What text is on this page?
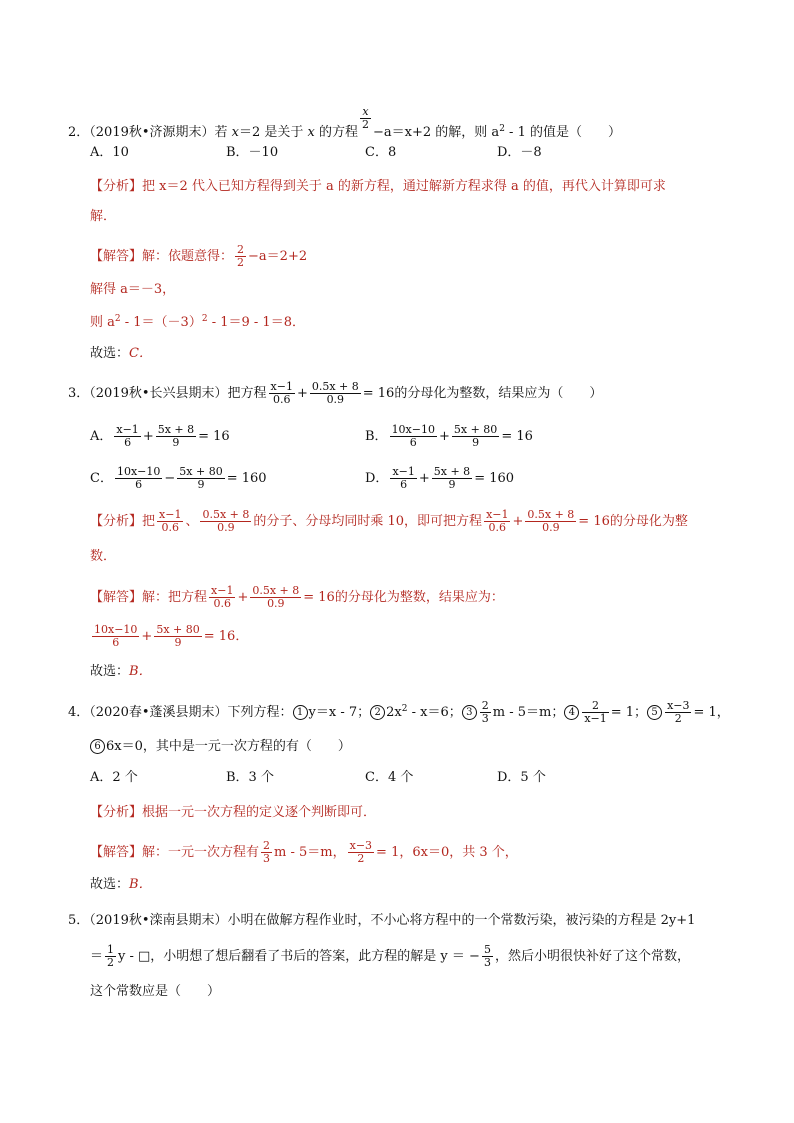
2．（2019秋•济源期末）若 x＝2 是关于 x 的方程
$\frac{x}{2}$
−a＝x+2 的解，则 $a^2 - 1$ 的值是（　　）
A．10	B．－10	C．8	D．－8
【分析】把 x＝2 代入已知方程得到关于 a 的新方程，通过解新方程求得 a 的值，再代入计算即可求
解．
【解答】解：依题意得： $\frac{2}{2} -a=2+2$
解得 a＝－3，
则 $a^2 - 1=(-3)^2 - 1=9 - 1=8$．
故选：C．
3．（2019秋•长兴县期末）把方程 $\frac{x-1}{0.6} + \frac{0.5x + 8}{0.9} = 16$的分母化为整数，结果应为（　　）
A． $\frac{x-1}{6} + \frac{5x + 8}{9} = 16$	B． $\frac{10x-10}{6} + \frac{5x + 80}{9} = 16$
C． $\frac{10x-10}{6} - \frac{5x + 80}{9} = 160$	D． $\frac{x-1}{6} + \frac{5x + 8}{9} = 160$
【分析】把 $\frac{x-1}{0.6}$ 、 $\frac{0.5x + 8}{0.9}$ 的分子、分母均同时乘 10，即可把方程 $\frac{x-1}{0.6} + \frac{0.5x + 8}{0.9} = 16$的分母化为整
数．
【解答】解：把方程 $\frac{x-1}{0.6} + \frac{0.5x + 8}{0.9} = 16$的分母化为整数，结果应为：
$\frac{10x-10}{6} + \frac{5x + 80}{9} = 16$．
故选：B．
4．（2020春•蓬溪县期末）下列方程： 1 y＝x - 7； 2 $2x^2 - x=6$； $3 \frac{2}{3}$ m - 5＝m； $4 \frac{2}{x-1} = 1$； $5 \frac{x-3}{2} = 1$，
6 6x＝0，其中是一元一次方程的有（　　）
A．2 个	B．3 个	C．4 个	D．5 个
【分析】根据一元一次方程的定义逐个判断即可．
【解答】解：一元一次方程有 $\frac{2}{3}$ m - 5＝m， $\frac{x-3}{2} = 1$，6x＝0，共 3 个，
故选：B．
5．（2019秋•滦南县期末）小明在做解方程作业时，不小心将方程中的一个常数污染，被污染的方程是 2y+1
＝ $\frac{1}{2}$ y - □，小明想了想后翻看了书后的答案，此方程的解是 y ＝ − $\frac{5}{3}$ ，然后小明很快补好了这个常数，
这个常数应是（　　）
